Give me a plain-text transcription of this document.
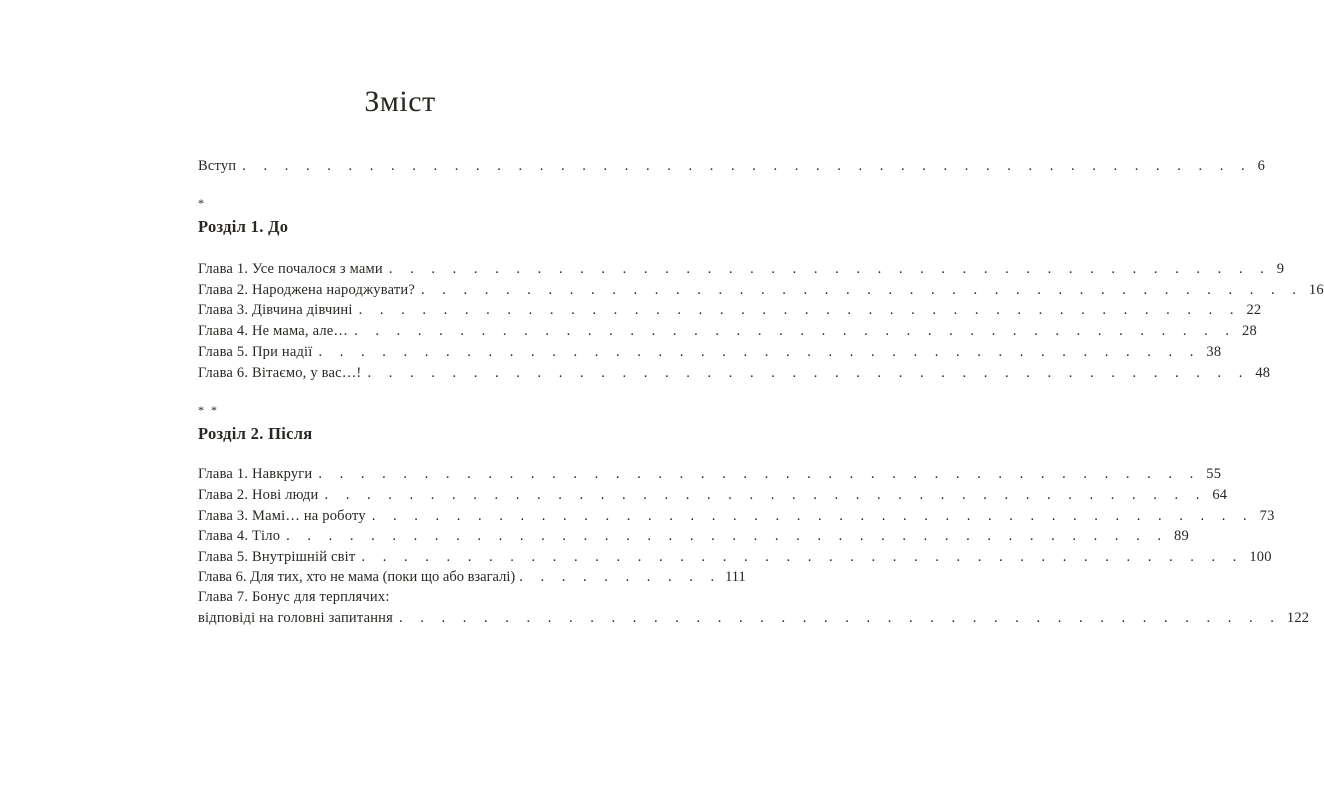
Зміст
Вступ . . . . . . . . . . . . . . . . . . . . . . . . . . . . . . . . . . . . . . . . . . . . . . . . 6
*
Розділ 1. До
Глава 1. Усе почалося з мами . . . . . . . . . . . . . . . . . . . . . . . . . . . . . . . . . . . . . . . . . . 9
Глава 2. Народжена народжувати? . . . . . . . . . . . . . . . . . . . . . . . . . . . . . . . . . . . . . . . . . . 16
Глава 3. Дівчина дівчині . . . . . . . . . . . . . . . . . . . . . . . . . . . . . . . . . . . . . . . . . . 22
Глава 4. Не мама, але… . . . . . . . . . . . . . . . . . . . . . . . . . . . . . . . . . . . . . . . . . . 28
Глава 5. При надії . . . . . . . . . . . . . . . . . . . . . . . . . . . . . . . . . . . . . . . . . . 38
Глава 6. Вітаємо, у вас…! . . . . . . . . . . . . . . . . . . . . . . . . . . . . . . . . . . . . . . . . . . 48
* *
Розділ 2. Після
Глава 1. Навкруги . . . . . . . . . . . . . . . . . . . . . . . . . . . . . . . . . . . . . . . . . . 55
Глава 2. Нові люди . . . . . . . . . . . . . . . . . . . . . . . . . . . . . . . . . . . . . . . . . . 64
Глава 3. Мамі… на роботу . . . . . . . . . . . . . . . . . . . . . . . . . . . . . . . . . . . . . . . . . . 73
Глава 4. Тіло . . . . . . . . . . . . . . . . . . . . . . . . . . . . . . . . . . . . . . . . . . 89
Глава 5. Внутрішній світ . . . . . . . . . . . . . . . . . . . . . . . . . . . . . . . . . . . . . . . . . . 100
Глава 6. Для тих, хто не мама (поки що або взагалі) . . . . . . . . . . 111
Глава 7. Бонус для терплячих:
відповіді на головні запитання . . . . . . . . . . . . . . . . . . . . . . . . . . . . . . . . . . . . . . . . . . 122
